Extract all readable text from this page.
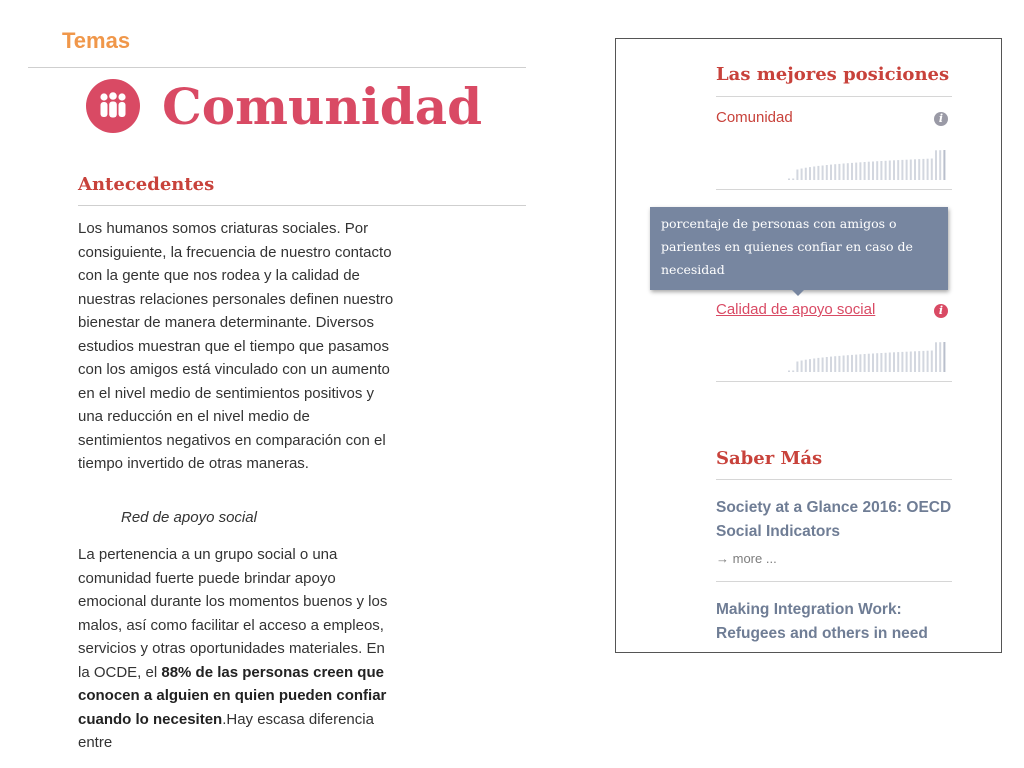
Temas
Comunidad
Antecedentes
Los humanos somos criaturas sociales. Por consiguiente, la frecuencia de nuestro contacto con la gente que nos rodea y la calidad de nuestras relaciones personales definen nuestro bienestar de manera determinante. Diversos estudios muestran que el tiempo que pasamos con los amigos está vinculado con un aumento en el nivel medio de sentimientos positivos y una reducción en el nivel medio de sentimientos negativos en comparación con el tiempo invertido de otras maneras.
Red de apoyo social
La pertenencia a un grupo social o una comunidad fuerte puede brindar apoyo emocional durante los momentos buenos y los malos, así como facilitar el acceso a empleos, servicios y otras oportunidades materiales. En la OCDE, el 88% de las personas creen que conocen a alguien en quien pueden confiar cuando lo necesiten.Hay escasa diferencia entre
Las mejores posiciones
Comunidad	i
Calidad de apoyo social	i
Saber Más
Society at a Glance 2016: OECD Social Indicators
→ more ...
Making Integration Work: Refugees and others in need
porcentaje de personas con amigos o parientes en quienes confiar en caso de necesidad
